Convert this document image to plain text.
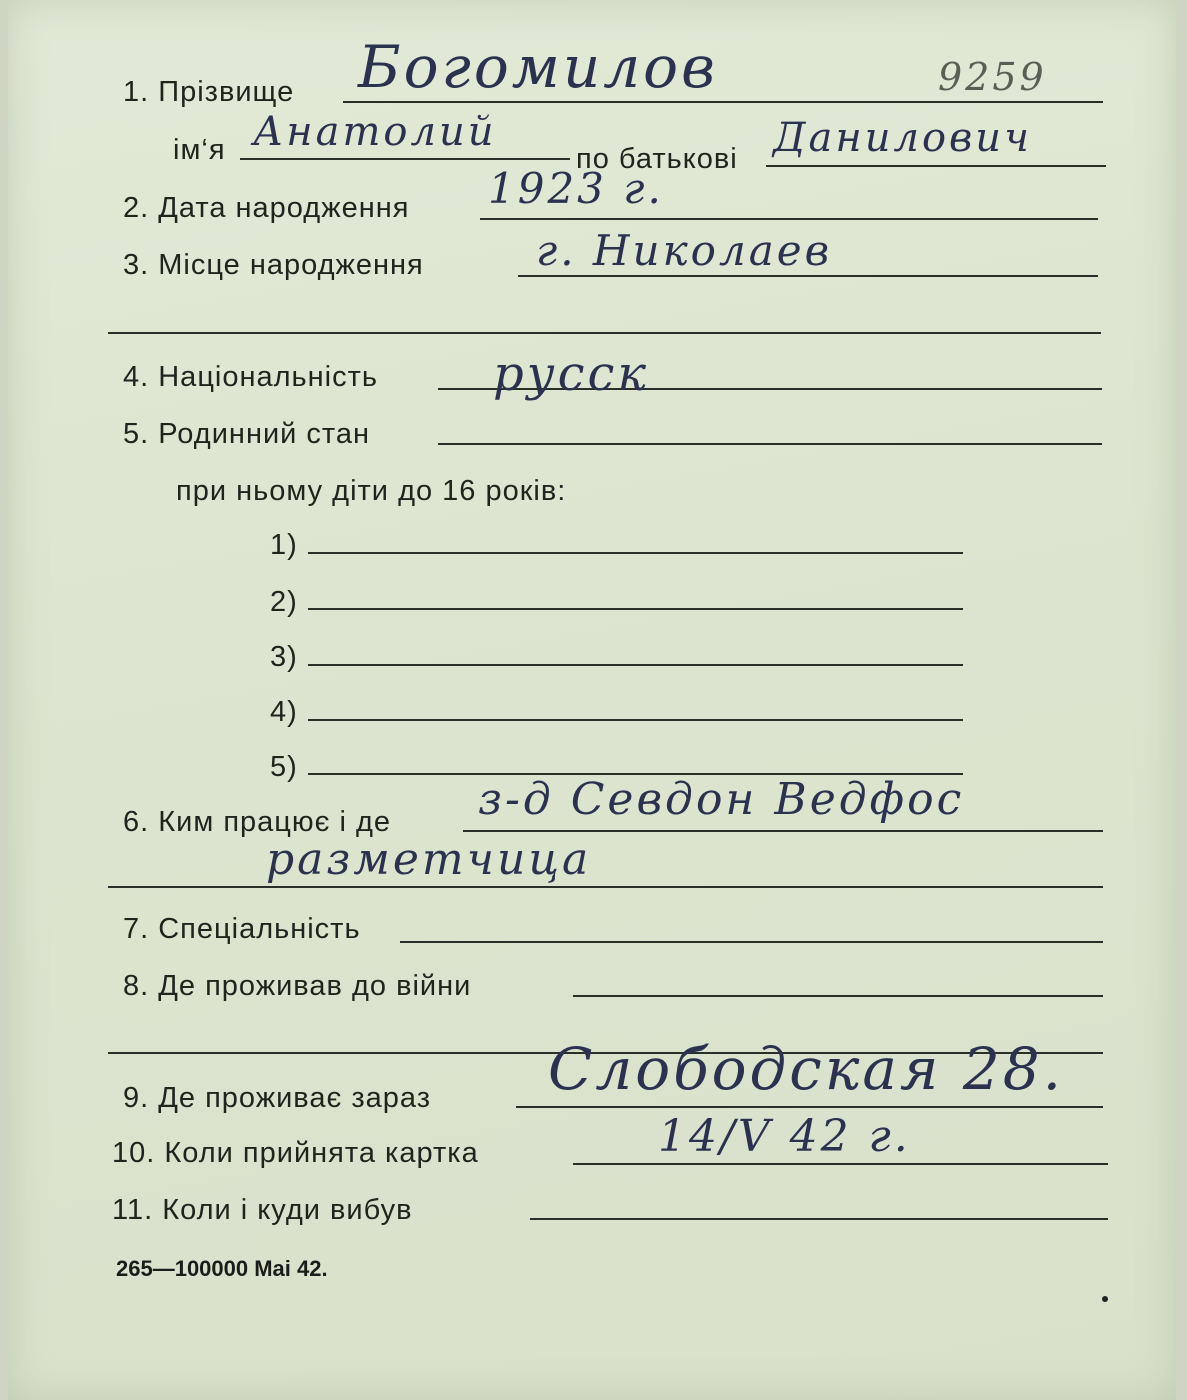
1. Прізвище Богомилов	9259
ім‘я Анатолий
по батькові Данилович
2. Дата народження 1923 г.
3. Місце народження	г. Николаев
4. Національність русск
5. Родинний стан
при ньому діти до 16 років:
1)
2)
3)
4)
5)
6. Ким працює і де з-д Севдон Ведфос
разметчица
7. Спеціальність
8. Де проживав до війни
9. Де проживає зараз Слободская 28.
10. Коли прийнята картка	14/V 42 г.
11. Коли і куди вибув
265—100000 Mai 42.
